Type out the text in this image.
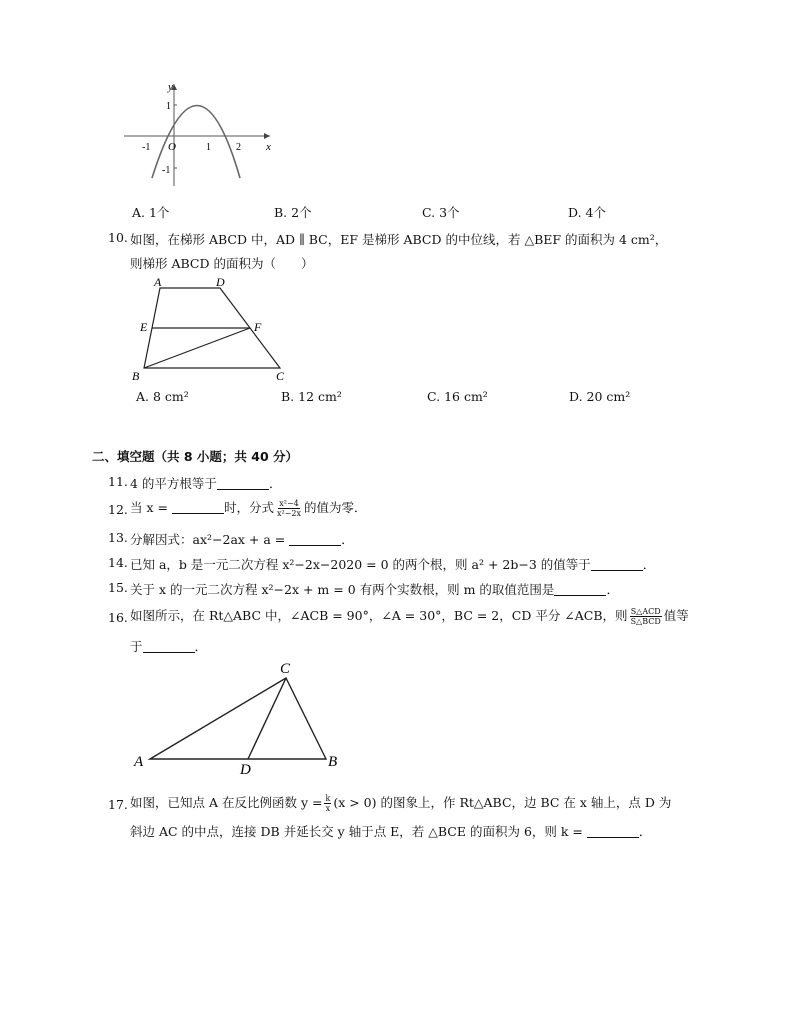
y
x
O
-1	1	2
1
-1
A. 1个	B. 2个	C. 3个	D. 4个
10. 如图，在梯形 ABCD 中，AD ∥ BC，EF 是梯形 ABCD 的中位线，若 △BEF 的面积为 4 cm²，
则梯形 ABCD 的面积为（　　）
A	D
E	F
B	C
A. 8 cm²	B. 12 cm²	C. 16 cm²	D. 20 cm²
二、填空题（共 8 小题；共 40 分）
11. 4 的平方根等于	．
12. 当 x =	时，分式 $\frac{\text{x²−4}}{\text{x²−2x}}$ 的值为零．
13. 分解因式：ax²−2ax + a =	．
14. 已知 a，b 是一元二次方程 x²−2x−2020 = 0 的两个根，则 a² + 2b−3 的值等于	．
15. 关于 x 的一元二次方程 x²−2x + m = 0 有两个实数根，则 m 的取值范围是	．
16. 如图所示，在 Rt△ABC 中，∠ACB = 90°，∠A = 30°，BC = 2，CD 平分 ∠ACB，则 $\frac{\text{S△ACD}}{\text{S△BCD}}$ 值等
于	．
C
A	D	B
17. 如图，已知点 A 在反比例函数 $y = \frac{k}{x} (x > 0)$ 的图象上，作 Rt△ABC，边 BC 在 x 轴上，点 D 为
斜边 AC 的中点，连接 DB 并延长交 y 轴于点 E，若 △BCE 的面积为 6，则 k =	．
